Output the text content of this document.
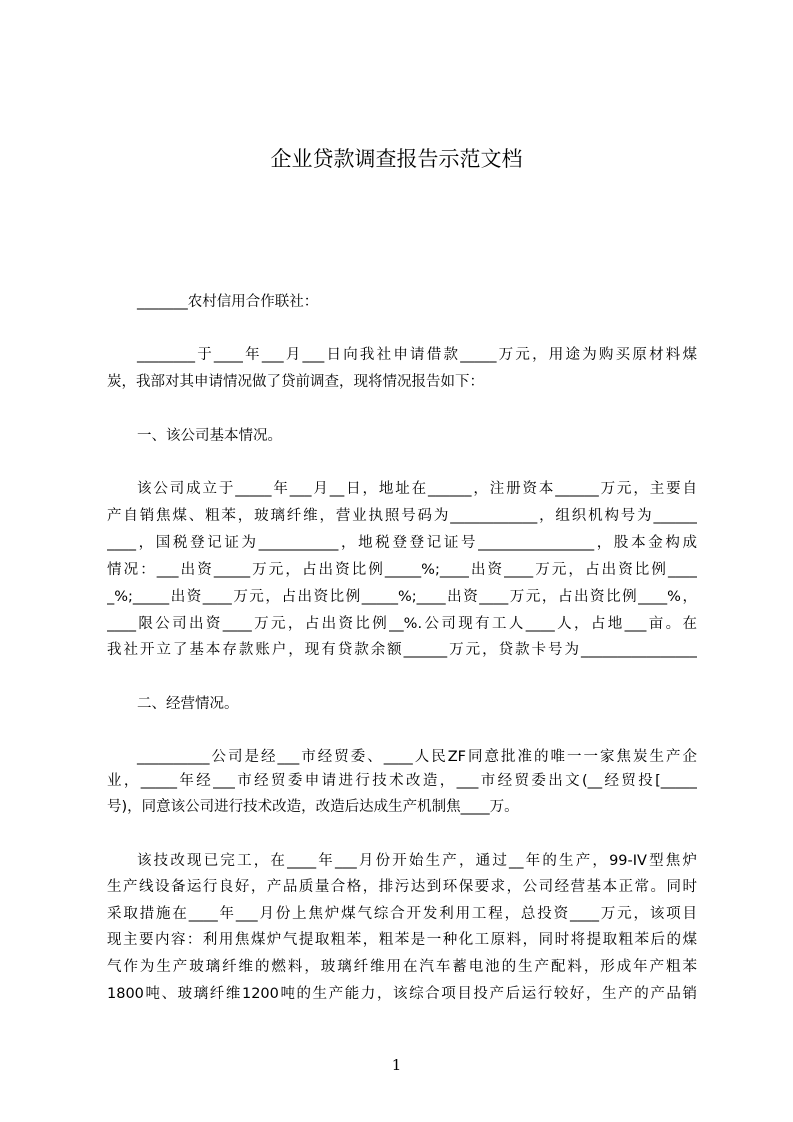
企业贷款调查报告示范文档
_______农村信用合作联社：
________于____年___月___日向我社申请借款_____万元，用途为购买原材料煤
炭，我部对其申请情况做了贷前调查，现将情况报告如下：
一、该公司基本情况。
该公司成立于_____年___月__日，地址在______，注册资本______万元，主要自
产自销焦煤、粗苯，玻璃纤维，营业执照号码为____________，组织机构号为______
____，国税登记证为___________，地税登登记证号________________，股本金构成
情况：___出资_____万元，占出资比例_____%;____出资____万元，占出资比例____
_%;_____出资____万元，占出资比例_____%;____出资____万元，占出资比例____%，
____限公司出资____万元，占出资比例__%.公司现有工人____人，占地___亩。在
我社开立了基本存款账户，现有贷款余额______万元，贷款卡号为________________
二、经营情况。
__________公司是经___市经贸委、____人民ZF同意批准的唯一一家焦炭生产企
业，_____年经___市经贸委申请进行技术改造，___市经贸委出文(__经贸投[_____
号)，同意该公司进行技术改造，改造后达成生产机制焦____万。
该技改现已完工，在____年___月份开始生产，通过__年的生产，99-IV型焦炉
生产线设备运行良好，产品质量合格，排污达到环保要求，公司经营基本正常。同时
采取措施在____年___月份上焦炉煤气综合开发利用工程，总投资____万元，该项目
现主要内容：利用焦煤炉气提取粗苯，粗苯是一种化工原料，同时将提取粗苯后的煤
气作为生产玻璃纤维的燃料，玻璃纤维用在汽车蓄电池的生产配料，形成年产粗苯
1800吨、玻璃纤维1200吨的生产能力，该综合项目投产后运行较好，生产的产品销
1
